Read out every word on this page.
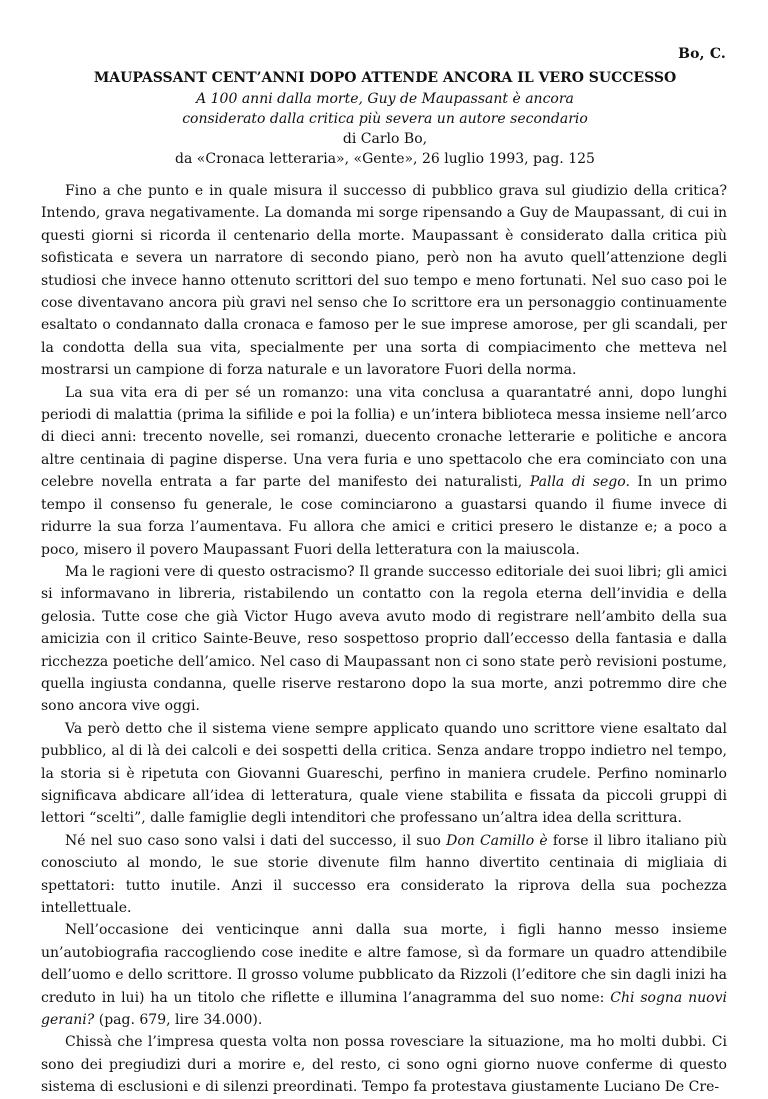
Bo, C.
MAUPASSANT CENT’ANNI DOPO ATTENDE ANCORA IL VERO SUCCESSO
A 100 anni dalla morte, Guy de Maupassant è ancora
considerato dalla critica più severa un autore secondario
di Carlo Bo,
da «Cronaca letteraria», «Gente», 26 luglio 1993, pag. 125

Fino a che punto e in quale misura il successo di pubblico grava sul giudizio della critica? Intendo, grava negativamente. La domanda mi sorge ripensando a Guy de Maupassant, di cui in questi giorni si ricorda il centenario della morte. Maupassant è considerato dalla critica più sofisticata e severa un narratore di secondo piano, però non ha avuto quell’attenzione degli studiosi che invece hanno ottenuto scrittori del suo tempo e meno fortunati. Nel suo caso poi le cose diventavano ancora più gravi nel senso che Io scrittore era un personaggio continuamente esaltato o condannato dalla cronaca e famoso per le sue imprese amorose, per gli scandali, per la condotta della sua vita, specialmente per una sorta di compiacimento che metteva nel mostrarsi un campione di forza naturale e un lavoratore Fuori della norma.

La sua vita era di per sé un romanzo: una vita conclusa a quarantatré anni, dopo lunghi periodi di malattia (prima la sifilide e poi la follia) e un’intera biblioteca messa insieme nell’arco di dieci anni: trecento novelle, sei romanzi, duecento cronache letterarie e politiche e ancora altre centinaia di pagine disperse. Una vera furia e uno spettacolo che era cominciato con una celebre novella entrata a far parte del manifesto dei naturalisti, Palla di sego. In un primo tempo il consenso fu generale, le cose cominciarono a guastarsi quando il fiume invece di ridurre la sua forza l’aumentava. Fu allora che amici e critici presero le distanze e; a poco a poco, misero il povero Maupassant Fuori della letteratura con la maiuscola.

Ma le ragioni vere di questo ostracismo? Il grande successo editoriale dei suoi libri; gli amici si informavano in libreria, ristabilendo un contatto con la regola eterna dell’invidia e della gelosia. Tutte cose che già Victor Hugo aveva avuto modo di registrare nell’ambito della sua amicizia con il critico Sainte-Beuve, reso sospettoso proprio dall’eccesso della fantasia e dalla ricchezza poetiche dell’amico. Nel caso di Maupassant non ci sono state però revisioni postume, quella ingiusta condanna, quelle riserve restarono dopo la sua morte, anzi potremmo dire che sono ancora vive oggi.

Va però detto che il sistema viene sempre applicato quando uno scrittore viene esaltato dal pubblico, al di là dei calcoli e dei sospetti della critica. Senza andare troppo indietro nel tempo, la storia si è ripetuta con Giovanni Guareschi, perfino in maniera crudele. Perfino nominarlo significava abdicare all’idea di letteratura, quale viene stabilita e fissata da piccoli gruppi di lettori “scelti”, dalle famiglie degli intenditori che professano un’altra idea della scrittura.

Né nel suo caso sono valsi i dati del successo, il suo Don Camillo è forse il libro italiano più conosciuto al mondo, le sue storie divenute film hanno divertito centinaia di migliaia di spettatori: tutto inutile. Anzi il successo era considerato la riprova della sua pochezza intellettuale.

Nell’occasione dei venticinque anni dalla sua morte, i figli hanno messo insieme un’autobiografia raccogliendo cose inedite e altre famose, sì da formare un quadro attendibile dell’uomo e dello scrittore. Il grosso volume pubblicato da Rizzoli (l’editore che sin dagli inizi ha creduto in lui) ha un titolo che riflette e illumina l’anagramma del suo nome: Chi sogna nuovi gerani? (pag. 679, lire 34.000).

Chissà che l’impresa questa volta non possa rovesciare la situazione, ma ho molti dubbi. Ci sono dei pregiudizi duri a morire e, del resto, ci sono ogni giorno nuove conferme di questo sistema di esclusioni e di silenzi preordinati. Tempo fa protestava giustamente Luciano De Cre-
